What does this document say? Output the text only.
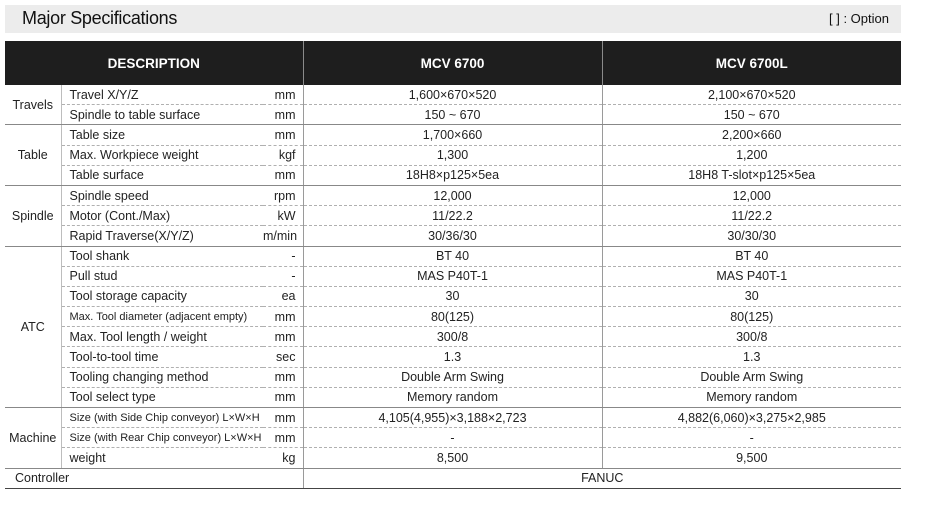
Major Specifications	[ ] : Option
DESCRIPTION			MCV 6700	MCV 6700L
Travels	Travel X/Y/Z	mm	1,600×670×520	2,100×670×520
	Spindle to table surface	mm	150 ~ 670	150 ~ 670
Table	Table size	mm	1,700×660	2,200×660
	Max. Workpiece weight	kgf	1,300	1,200
	Table surface	mm	18H8×p125×5ea	18H8 T-slot×p125×5ea
Spindle	Spindle speed	rpm	12,000	12,000
	Motor (Cont./Max)	kW	11/22.2	11/22.2
	Rapid Traverse(X/Y/Z)	m/min	30/36/30	30/30/30
ATC	Tool shank	-	BT 40	BT 40
	Pull stud	-	MAS P40T-1	MAS P40T-1
	Tool storage capacity	ea	30	30
	Max. Tool diameter (adjacent empty)	mm	80(125)	80(125)
	Max. Tool length / weight	mm	300/8	300/8
	Tool-to-tool time	sec	1.3	1.3
	Tooling changing method	mm	Double Arm Swing	Double Arm Swing
	Tool select type	mm	Memory random	Memory random
Machine	Size (with Side Chip conveyor) L×W×H	mm	4,105(4,955)×3,188×2,723	4,882(6,060)×3,275×2,985
	Size (with Rear Chip conveyor) L×W×H	mm	-	-
	weight	kg	8,500	9,500
Controller			FANUC	
